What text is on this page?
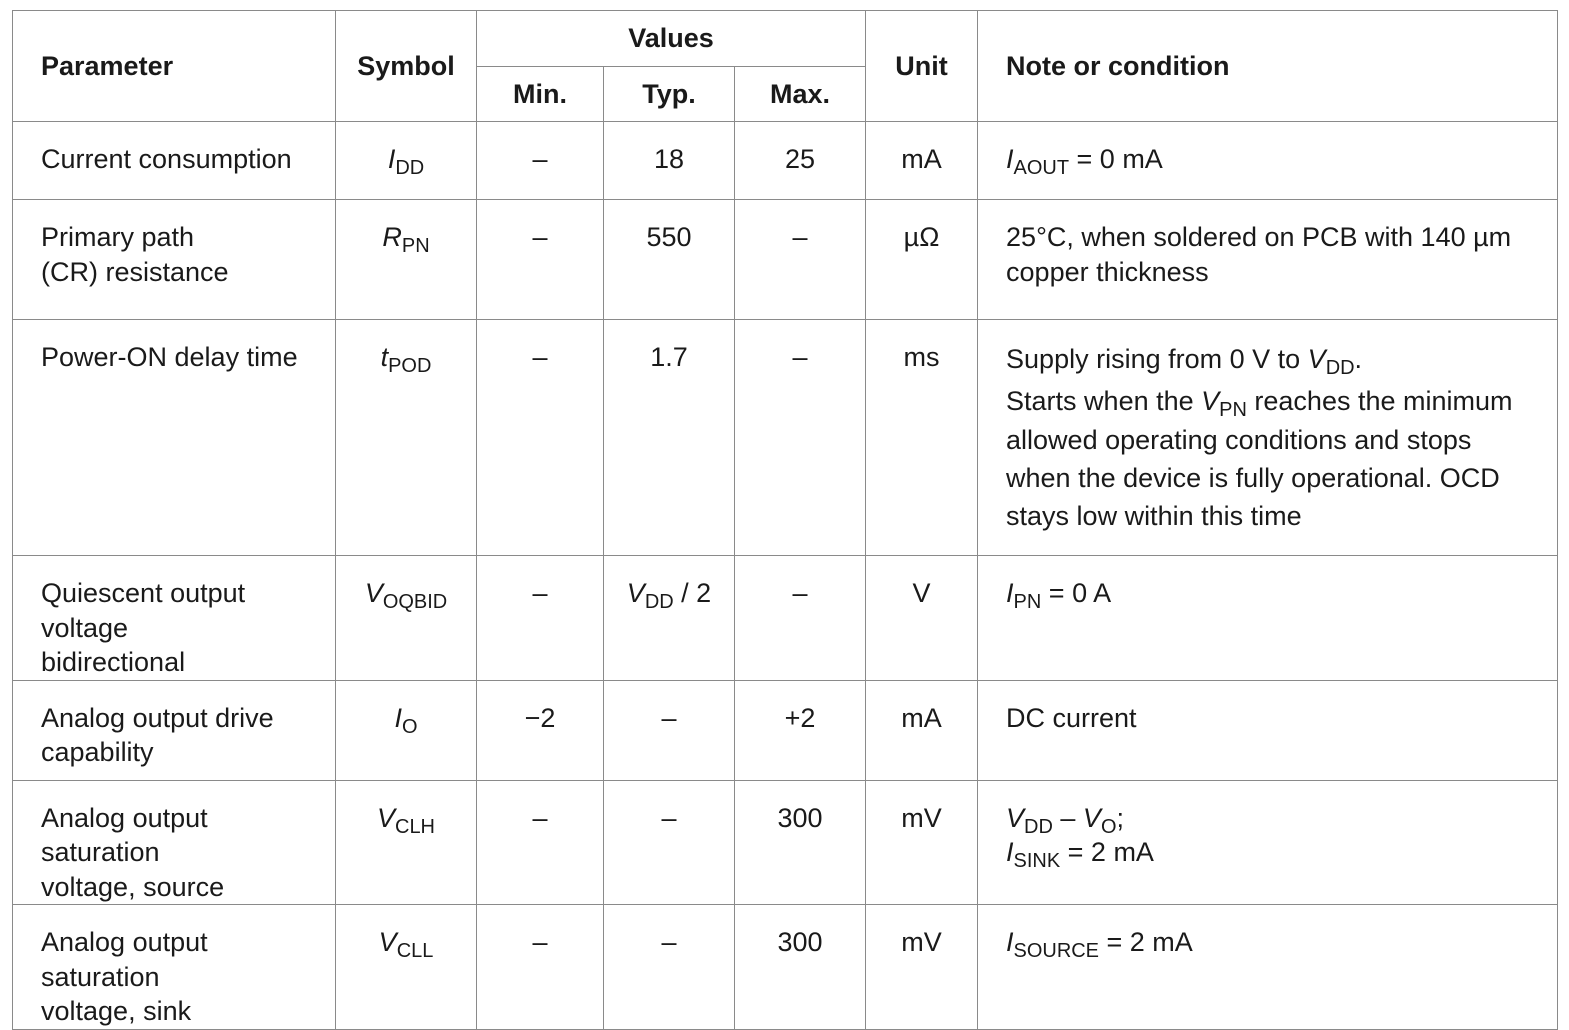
Parameter	Symbol	Values			Unit	Note or condition
		Min.	Typ.	Max.		

Current consumption	$I_{DD}$	–	18	25	mA	$I_{AOUT} = 0$ mA

Primary path
(CR) resistance	$R_{PN}$	–	550	–	µΩ	25°C, when soldered on PCB with 140 µm copper thickness

Power-ON delay time	$t_{POD}$	–	1.7	–	ms	Supply rising from 0 V to $V_{DD}$.
Starts when the $V_{PN}$ reaches the minimum allowed operating conditions and stops when the device is fully operational. OCD stays low within this time

Quiescent output voltage
bidirectional	$V_{OQBID}$	–	$V_{DD} / 2$	–	V	$I_{PN} = 0$ A

Analog output drive
capability	$I_O$	−2	–	+2	mA	DC current

Analog output saturation
voltage, source	$V_{CLH}$	–	–	300	mV	$V_{DD} - V_O$;
$I_{SINK} = 2$ mA

Analog output saturation
voltage, sink	$V_{CLL}$	–	–	300	mV	$I_{SOURCE} = 2$ mA
